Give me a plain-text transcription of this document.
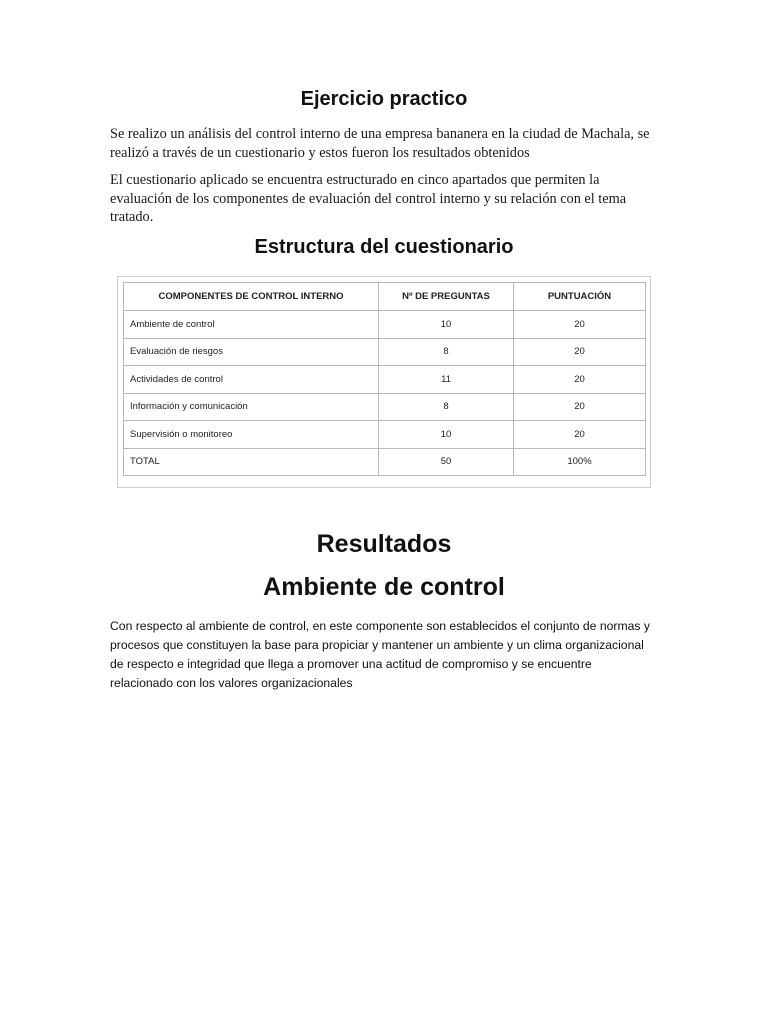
Ejercicio practico
Se realizo un análisis del control interno de una empresa bananera en la ciudad de Machala, se realizó a través de un cuestionario y estos fueron los resultados obtenidos
El cuestionario aplicado se encuentra estructurado en cinco apartados que permiten la evaluación de los componentes de evaluación del control interno y su relación con el tema tratado.
Estructura del cuestionario
COMPONENTES DE CONTROL INTERNO	Nº DE PREGUNTAS	PUNTUACIÓN
Ambiente de control	10	20
Evaluación de riesgos	8	20
Actividades de control	11	20
Información y comunicación	8	20
Supervisión o monitoreo	10	20
TOTAL	50	100%
Resultados
Ambiente de control
Con respecto al ambiente de control, en este componente son establecidos el conjunto de normas y procesos que constituyen la base para propiciar y mantener un ambiente y un clima organizacional de respecto e integridad que llega a promover una actitud de compromiso y se encuentre relacionado con los valores organizacionales
